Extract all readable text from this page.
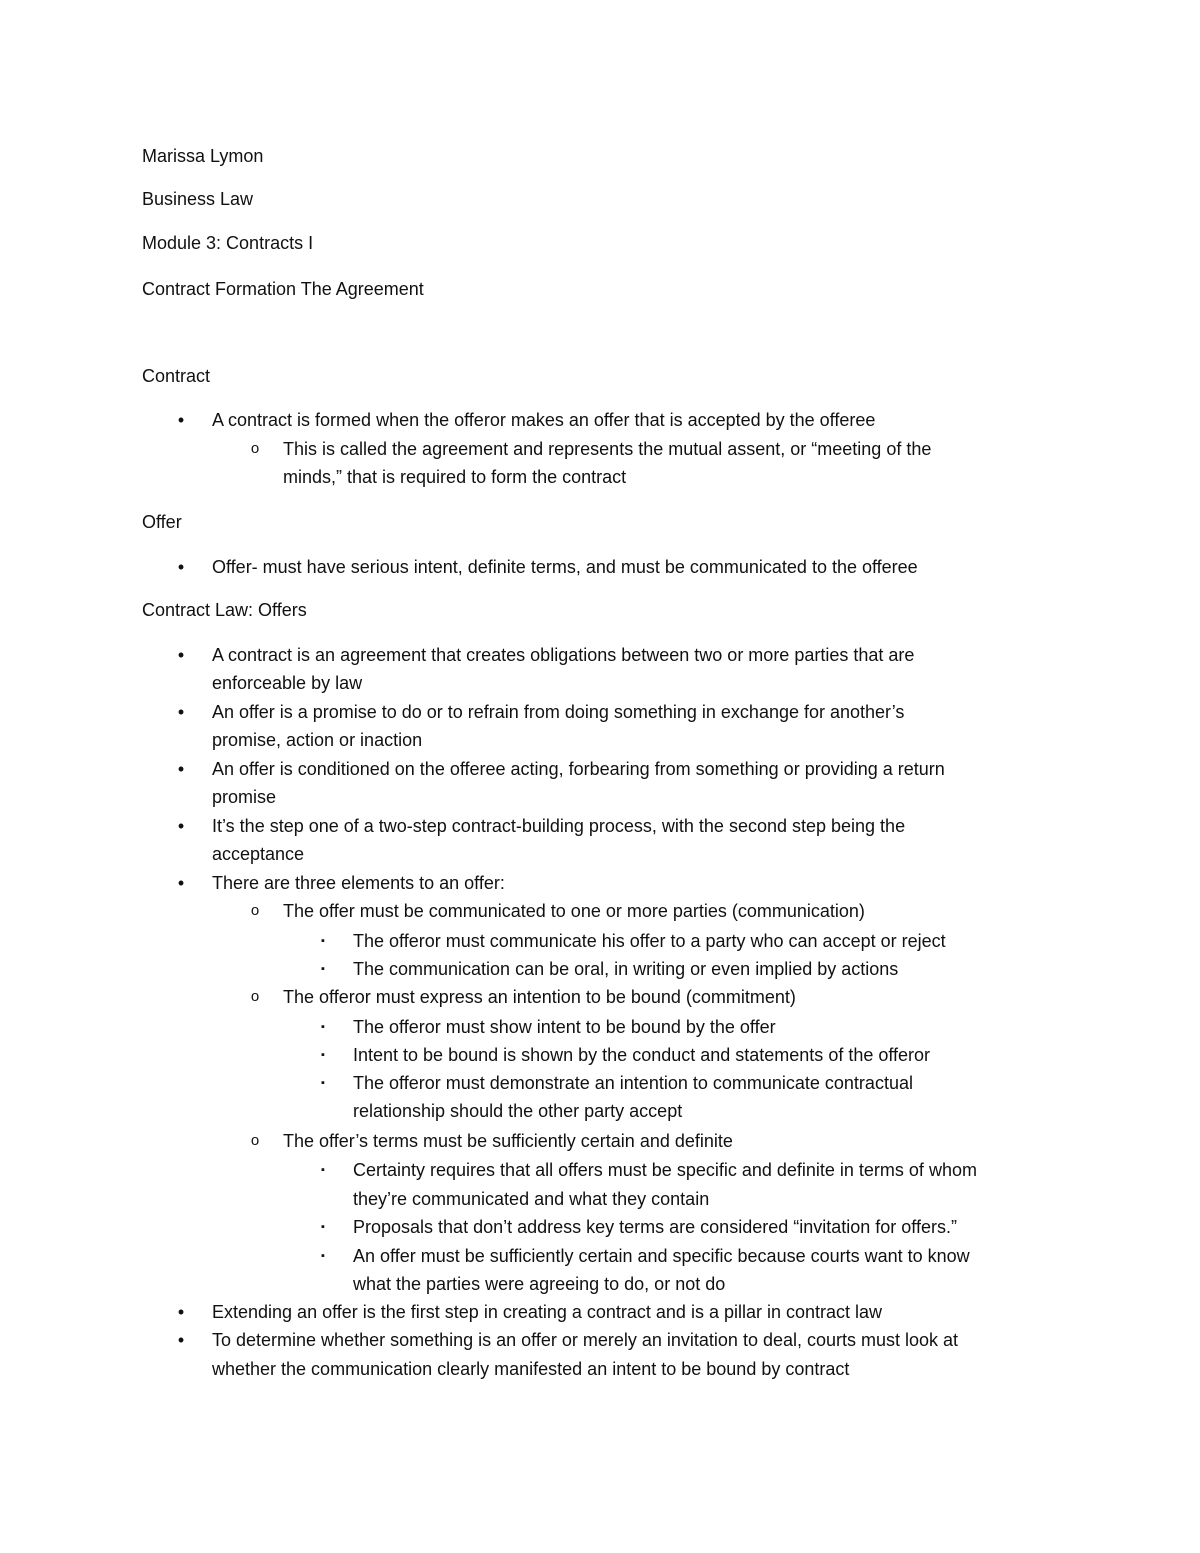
Marissa Lymon
Business Law
Module 3: Contracts I
Contract Formation The Agreement
Contract
• A contract is formed when the offeror makes an offer that is accepted by the offeree
o This is called the agreement and represents the mutual assent, or “meeting of the
minds,” that is required to form the contract
Offer
• Offer- must have serious intent, definite terms, and must be communicated to the offeree
Contract Law: Offers
• A contract is an agreement that creates obligations between two or more parties that are
enforceable by law
• An offer is a promise to do or to refrain from doing something in exchange for another’s
promise, action or inaction
• An offer is conditioned on the offeree acting, forbearing from something or providing a return
promise
• It’s the step one of a two-step contract-building process, with the second step being the
acceptance
• There are three elements to an offer:
o The offer must be communicated to one or more parties (communication)
▪ The offeror must communicate his offer to a party who can accept or reject
▪ The communication can be oral, in writing or even implied by actions
o The offeror must express an intention to be bound (commitment)
▪ The offeror must show intent to be bound by the offer
▪ Intent to be bound is shown by the conduct and statements of the offeror
▪ The offeror must demonstrate an intention to communicate contractual
relationship should the other party accept
o The offer’s terms must be sufficiently certain and definite
▪ Certainty requires that all offers must be specific and definite in terms of whom
they’re communicated and what they contain
▪ Proposals that don’t address key terms are considered “invitation for offers.”
▪ An offer must be sufficiently certain and specific because courts want to know
what the parties were agreeing to do, or not do
• Extending an offer is the first step in creating a contract and is a pillar in contract law
• To determine whether something is an offer or merely an invitation to deal, courts must look at
whether the communication clearly manifested an intent to be bound by contract
